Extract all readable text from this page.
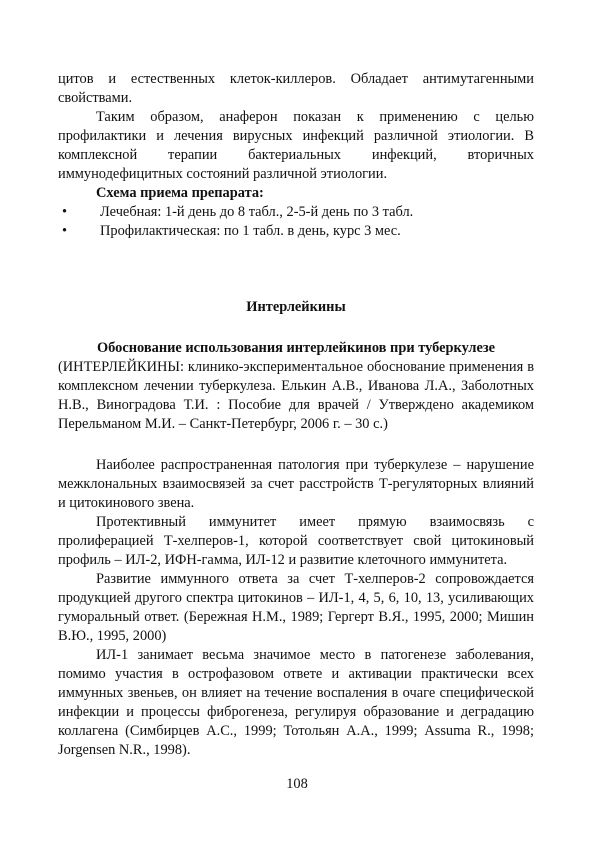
цитов и естественных клеток-киллеров. Обладает антимутагенными свойствами.

Таким образом, анаферон показан к применению с целью профилактики и лечения вирусных инфекций различной этиологии. В комплексной терапии бактериальных инфекций, вторичных иммунодефицитных состояний различной этиологии.

Схема приема препарата:

•	Лечебная: 1-й день до 8 табл., 2-5-й день по 3 табл.
•	Профилактическая: по 1 табл. в день, курс 3 мес.

Интерлейкины

Обоснование использования интерлейкинов при туберкулезе

(ИНТЕРЛЕЙКИНЫ: клинико-экспериментальное обоснование применения в комплексном лечении туберкулеза. Елькин А.В., Иванова Л.А., Заболотных Н.В., Виноградова Т.И. : Пособие для врачей / Утверждено академиком Перельманом М.И. – Санкт-Петербург, 2006 г. – 30 с.)

Наиболее распространенная патология при туберкулезе – нарушение межклональных взаимосвязей за счет расстройств Т-регуляторных влияний и цитокинового звена.

Протективный иммунитет имеет прямую взаимосвязь с пролиферацией Т-хелперов-1, которой соответствует свой цитокиновый профиль – ИЛ-2, ИФН-гамма, ИЛ-12 и развитие клеточного иммунитета.

Развитие иммунного ответа за счет Т-хелперов-2 сопровождается продукцией другого спектра цитокинов – ИЛ-1, 4, 5, 6, 10, 13, усиливающих гуморальный ответ. (Бережная Н.М., 1989; Гергерт В.Я., 1995, 2000; Мишин В.Ю., 1995, 2000)

ИЛ-1 занимает весьма значимое место в патогенезе заболевания, помимо участия в острофазовом ответе и активации практически всех иммунных звеньев, он влияет на течение воспаления в очаге специфической инфекции и процессы фиброгенеза, регулируя образование и деградацию коллагена (Симбирцев А.С., 1999; Тотольян А.А., 1999; Assuma R., 1998; Jorgensen N.R., 1998).

108
